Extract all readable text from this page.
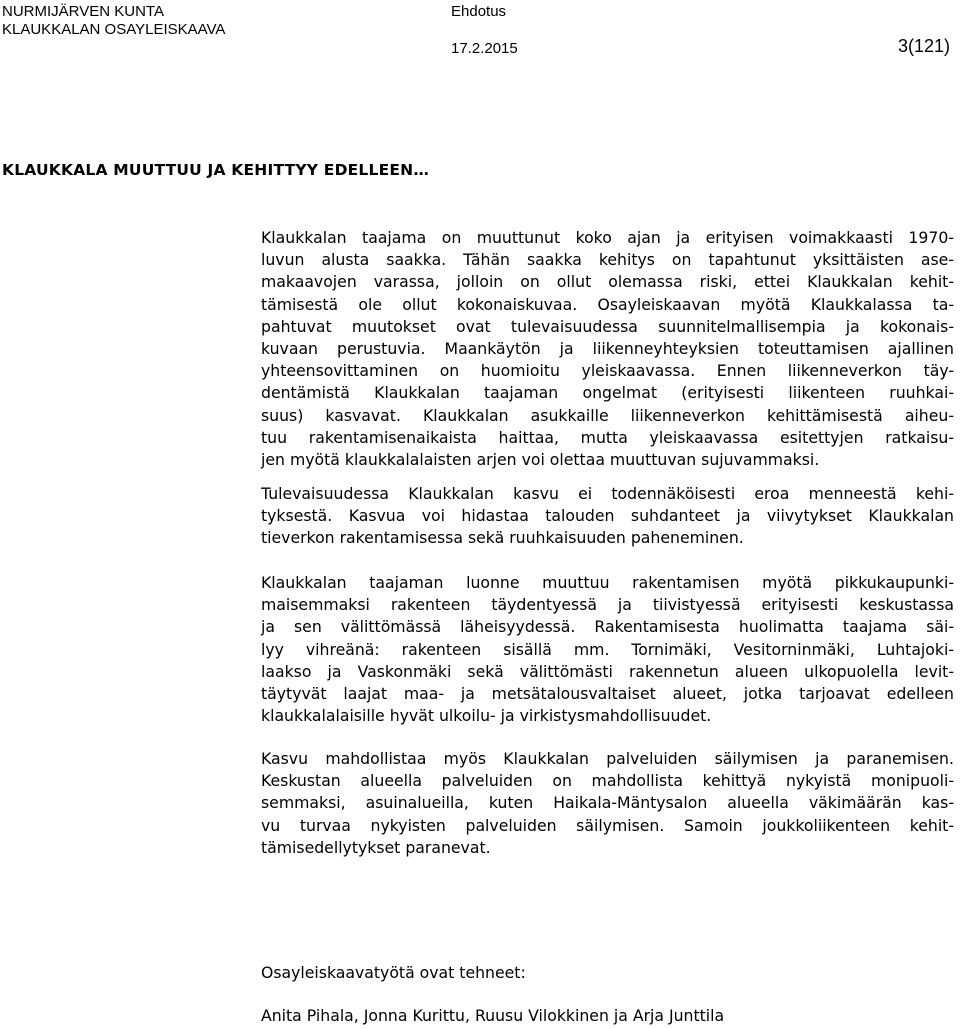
NURMIJÄRVEN KUNTA
KLAUKKALAN OSAYLEISKAAVA
Ehdotus
17.2.2015	3(121)
KLAUKKALA MUUTTUU JA KEHITTYY EDELLEEN…
Klaukkalan taajama on muuttunut koko ajan ja erityisen voimakkaasti 1970-
luvun alusta saakka. Tähän saakka kehitys on tapahtunut yksittäisten ase-
makaavojen varassa, jolloin on ollut olemassa riski, ettei Klaukkalan kehit-
tämisestä ole ollut kokonaiskuvaa. Osayleiskaavan myötä Klaukkalassa ta-
pahtuvat muutokset ovat tulevaisuudessa suunnitelmallisempia ja kokonais-
kuvaan perustuvia. Maankäytön ja liikenneyhteyksien toteuttamisen ajallinen
yhteensovittaminen on huomioitu yleiskaavassa. Ennen liikenneverkon täy-
dentämistä Klaukkalan taajaman ongelmat (erityisesti liikenteen ruuhkai-
suus) kasvavat. Klaukkalan asukkaille liikenneverkon kehittämisestä aiheu-
tuu rakentamisenaikaista haittaa, mutta yleiskaavassa esitettyjen ratkaisu-
jen myötä klaukkalalaisten arjen voi olettaa muuttuvan sujuvammaksi.
Tulevaisuudessa Klaukkalan kasvu ei todennäköisesti eroa menneestä kehi-
tyksestä. Kasvua voi hidastaa talouden suhdanteet ja viivytykset Klaukkalan
tieverkon rakentamisessa sekä ruuhkaisuuden paheneminen.
Klaukkalan taajaman luonne muuttuu rakentamisen myötä pikkukaupunki-
maisemmaksi rakenteen täydentyessä ja tiivistyessä erityisesti keskustassa
ja sen välittömässä läheisyydessä. Rakentamisesta huolimatta taajama säi-
lyy vihreänä: rakenteen sisällä mm. Tornimäki, Vesitorninmäki, Luhtajoki-
laakso ja Vaskonmäki sekä välittömästi rakennetun alueen ulkopuolella levit-
täytyvät laajat maa- ja metsätalousvaltaiset alueet, jotka tarjoavat edelleen
klaukkalalaisille hyvät ulkoilu- ja virkistysmahdollisuudet.
Kasvu mahdollistaa myös Klaukkalan palveluiden säilymisen ja paranemisen.
Keskustan alueella palveluiden on mahdollista kehittyä nykyistä monipuoli-
semmaksi, asuinalueilla, kuten Haikala-Mäntysalon alueella väkimäärän kas-
vu turvaa nykyisten palveluiden säilymisen. Samoin joukkoliikenteen kehit-
tämisedellytykset paranevat.
Osayleiskaavatyötä ovat tehneet:
Anita Pihala, Jonna Kurittu, Ruusu Vilokkinen ja Arja Junttila
